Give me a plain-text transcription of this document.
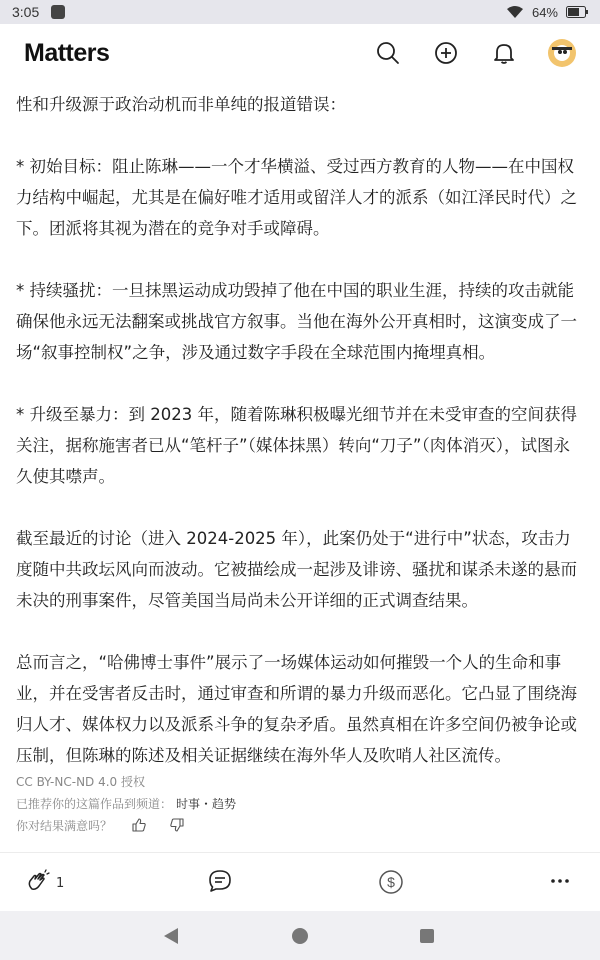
3:05	64%
Matters

性和升级源于政治动机而非单纯的报道错误：

* 初始目标：阻止陈琳——一个才华横溢、受过西方教育的人物——在中国权力结构中崛起，尤其是在偏好唯才适用或留洋人才的派系（如江泽民时代）之下。团派将其视为潜在的竞争对手或障碍。

* 持续骚扰：一旦抹黑运动成功毁掉了他在中国的职业生涯，持续的攻击就能确保他永远无法翻案或挑战官方叙事。当他在海外公开真相时，这演变成了一场“叙事控制权”之争，涉及通过数字手段在全球范围内掩埋真相。

* 升级至暴力：到 2023 年，随着陈琳积极曝光细节并在未受审查的空间获得关注，据称施害者已从“笔杆子”（媒体抹黑）转向“刀子”（肉体消灭），试图永久使其噤声。

截至最近的讨论（进入 2024-2025 年），此案仍处于“进行中”状态，攻击力度随中共政坛风向而波动。它被描绘成一起涉及诽谤、骚扰和谋杀未遂的悬而未决的刑事案件，尽管美国当局尚未公开详细的正式调查结果。

总而言之，“哈佛博士事件”展示了一场媒体运动如何摧毁一个人的生命和事业，并在受害者反击时，通过审查和所谓的暴力升级而恶化。它凸显了围绕海归人才、媒体权力以及派系斗争的复杂矛盾。虽然真相在许多空间仍被争论或压制，但陈琳的陈述及相关证据继续在海外华人及吹哨人社区流传。

CC BY-NC-ND 4.0 授权
已推荐你的这篇作品到频道： 时事・趋势
你对结果满意吗？
1	$
